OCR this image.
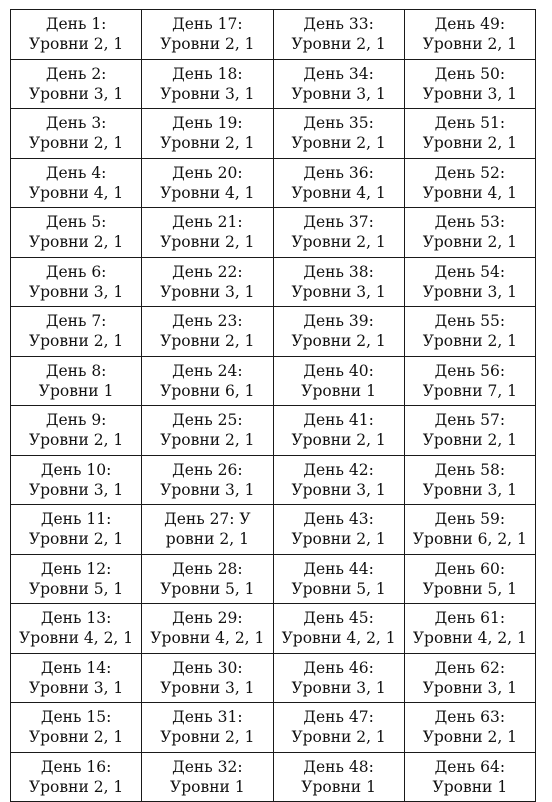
День 1:
Уровни 2, 1	День 17:
Уровни 2, 1	День 33:
Уровни 2, 1	День 49:
Уровни 2, 1

День 2:
Уровни 3, 1	День 18:
Уровни 3, 1	День 34:
Уровни 3, 1	День 50:
Уровни 3, 1

День 3:
Уровни 2, 1	День 19:
Уровни 2, 1	День 35:
Уровни 2, 1	День 51:
Уровни 2, 1

День 4:
Уровни 4, 1	День 20:
Уровни 4, 1	День 36:
Уровни 4, 1	День 52:
Уровни 4, 1

День 5:
Уровни 2, 1	День 21:
Уровни 2, 1	День 37:
Уровни 2, 1	День 53:
Уровни 2, 1

День 6:
Уровни 3, 1	День 22:
Уровни 3, 1	День 38:
Уровни 3, 1	День 54:
Уровни 3, 1

День 7:
Уровни 2, 1	День 23:
Уровни 2, 1	День 39:
Уровни 2, 1	День 55:
Уровни 2, 1

День 8:
Уровни 1	День 24:
Уровни 6, 1	День 40:
Уровни 1	День 56:
Уровни 7, 1

День 9:
Уровни 2, 1	День 25:
Уровни 2, 1	День 41:
Уровни 2, 1	День 57:
Уровни 2, 1

День 10:
Уровни 3, 1	День 26:
Уровни 3, 1	День 42:
Уровни 3, 1	День 58:
Уровни 3, 1

День 11:
Уровни 2, 1	День 27: У
ровни 2, 1	День 43:
Уровни 2, 1	День 59:
Уровни 6, 2, 1

День 12:
Уровни 5, 1	День 28:
Уровни 5, 1	День 44:
Уровни 5, 1	День 60:
Уровни 5, 1

День 13:
Уровни 4, 2, 1	День 29:
Уровни 4, 2, 1	День 45:
Уровни 4, 2, 1	День 61:
Уровни 4, 2, 1

День 14:
Уровни 3, 1	День 30:
Уровни 3, 1	День 46:
Уровни 3, 1	День 62:
Уровни 3, 1

День 15:
Уровни 2, 1	День 31:
Уровни 2, 1	День 47:
Уровни 2, 1	День 63:
Уровни 2, 1

День 16:
Уровни 2, 1	День 32:
Уровни 1	День 48:
Уровни 1	День 64:
Уровни 1
